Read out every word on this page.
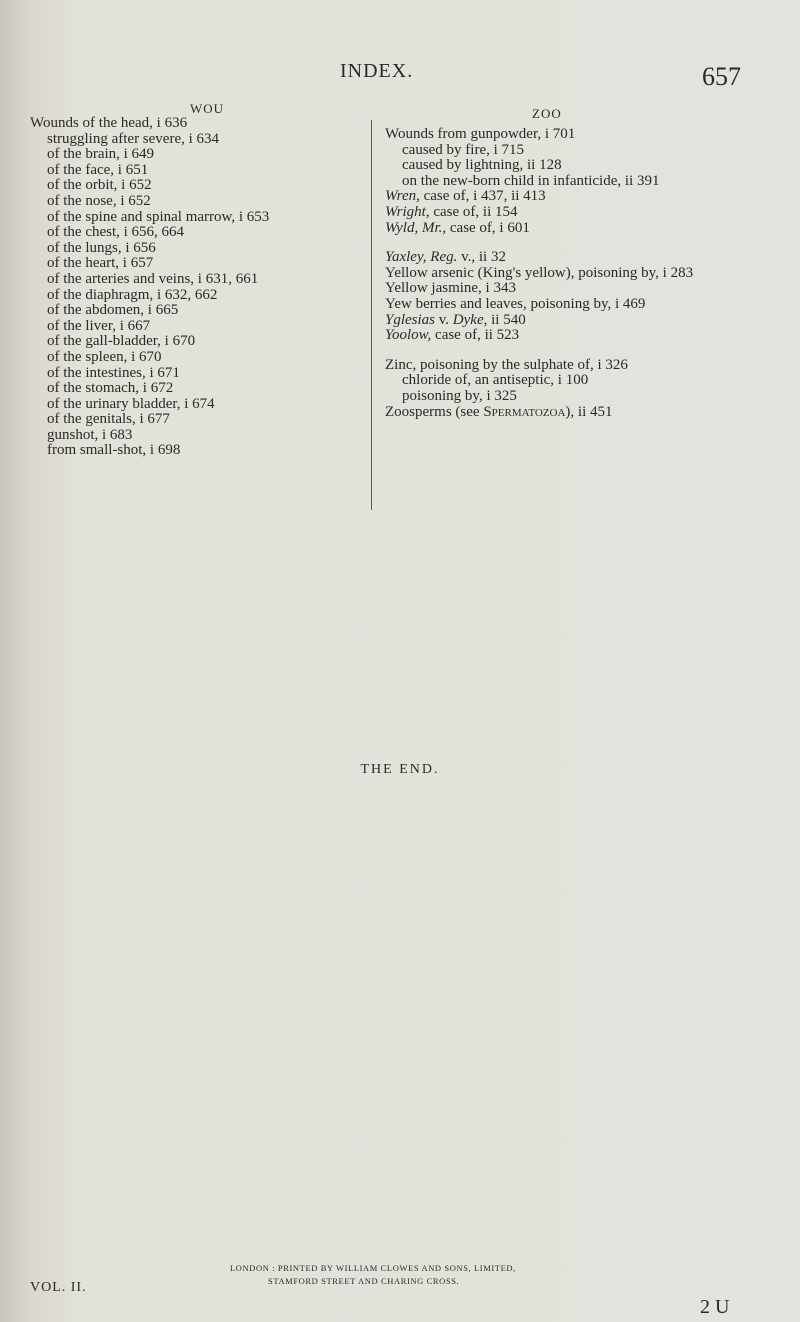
INDEX.	657
WOU	ZOO

Wounds of the head, i 636

struggling after severe, i 634

of the brain, i 649

of the face, i 651

of the orbit, i 652

of the nose, i 652

of the spine and spinal marrow, i 653

of the chest, i 656, 664

of the lungs, i 656

of the heart, i 657

of the arteries and veins, i 631, 661

of the diaphragm, i 632, 662

of the abdomen, i 665

of the liver, i 667

of the gall-bladder, i 670

of the spleen, i 670

of the intestines, i 671

of the stomach, i 672

of the urinary bladder, i 674

of the genitals, i 677

gunshot, i 683

from small-shot, i 698

Wounds from gunpowder, i 701

caused by fire, i 715

caused by lightning, ii 128

on the new-born child in infanticide, ii 391

Wren, case of, i 437, ii 413

Wright, case of, ii 154

Wyld, Mr., case of, i 601

Yaxley, Reg. v., ii 32

Yellow arsenic (King's yellow), poisoning by, i 283

Yellow jasmine, i 343

Yew berries and leaves, poisoning by, i 469

Yglesias v. Dyke, ii 540

Yoolow, case of, ii 523

Zinc, poisoning by the sulphate of, i 326

chloride of, an antiseptic, i 100

poisoning by, i 325

Zoosperms (see Spermatozoa), ii 451

THE END.
LONDON : PRINTED BY WILLIAM CLOWES AND SONS, LIMITED,
STAMFORD STREET AND CHARING CROSS.
VOL. II.
2 U
